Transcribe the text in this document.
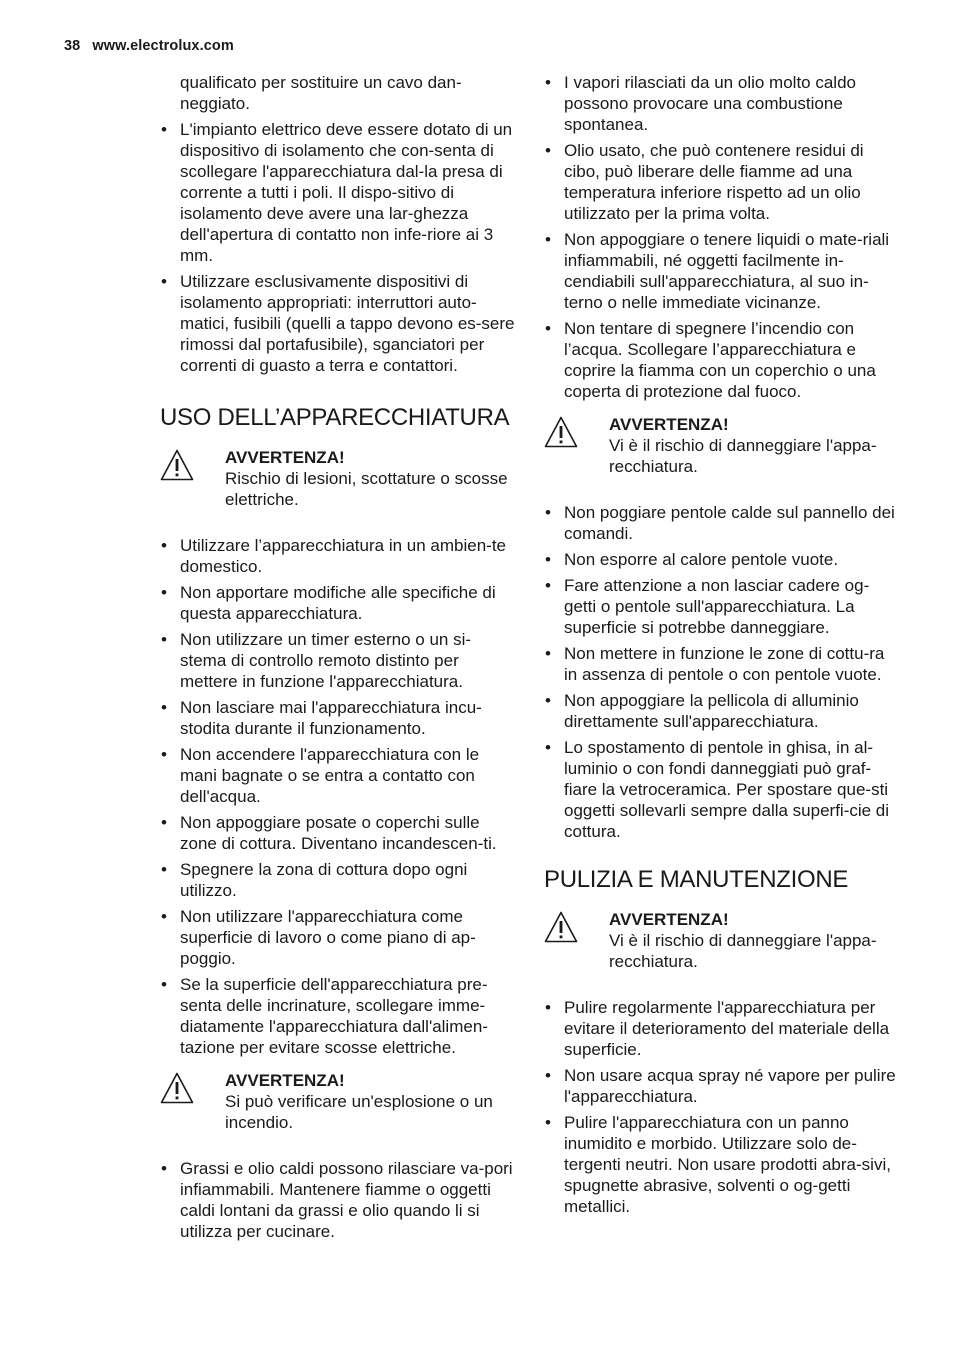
38 www.electrolux.com

qualificato per sostituire un cavo dan-neggiato.

• L'impianto elettrico deve essere dotato di un dispositivo di isolamento che con-senta di scollegare l'apparecchiatura dal-la presa di corrente a tutti i poli. Il dispo-sitivo di isolamento deve avere una lar-ghezza dell'apertura di contatto non infe-riore ai 3 mm.
• Utilizzare esclusivamente dispositivi di isolamento appropriati: interruttori auto-matici, fusibili (quelli a tappo devono es-sere rimossi dal portafusibile), sganciatori per correnti di guasto a terra e contattori.
USO DELL’APPARECCHIATURA
AVVERTENZA!
Rischio di lesioni, scottature o scosse elettriche.
• Utilizzare l’apparecchiatura in un ambien-te domestico.
• Non apportare modifiche alle specifiche di questa apparecchiatura.
• Non utilizzare un timer esterno o un si-stema di controllo remoto distinto per mettere in funzione l'apparecchiatura.
• Non lasciare mai l'apparecchiatura incu-stodita durante il funzionamento.
• Non accendere l'apparecchiatura con le mani bagnate o se entra a contatto con dell'acqua.
• Non appoggiare posate o coperchi sulle zone di cottura. Diventano incandescen-ti.
• Spegnere la zona di cottura dopo ogni utilizzo.
• Non utilizzare l'apparecchiatura come superficie di lavoro o come piano di ap-poggio.
• Se la superficie dell'apparecchiatura pre-senta delle incrinature, scollegare imme-diatamente l'apparecchiatura dall'alimen-tazione per evitare scosse elettriche.
AVVERTENZA!
Si può verificare un'esplosione o un incendio.
• Grassi e olio caldi possono rilasciare va-pori infiammabili. Mantenere fiamme o oggetti caldi lontani da grassi e olio quando li si utilizza per cucinare.
• I vapori rilasciati da un olio molto caldo possono provocare una combustione spontanea.
• Olio usato, che può contenere residui di cibo, può liberare delle fiamme ad una temperatura inferiore rispetto ad un olio utilizzato per la prima volta.
• Non appoggiare o tenere liquidi o mate-riali infiammabili, né oggetti facilmente in-cendiabili sull'apparecchiatura, al suo in-terno o nelle immediate vicinanze.
• Non tentare di spegnere l’incendio con l’acqua. Scollegare l’apparecchiatura e coprire la fiamma con un coperchio o una coperta di protezione dal fuoco.
AVVERTENZA!
Vi è il rischio di danneggiare l'appa-recchiatura.
• Non poggiare pentole calde sul pannello dei comandi.
• Non esporre al calore pentole vuote.
• Fare attenzione a non lasciar cadere og-getti o pentole sull'apparecchiatura. La superficie si potrebbe danneggiare.
• Non mettere in funzione le zone di cottu-ra in assenza di pentole o con pentole vuote.
• Non appoggiare la pellicola di alluminio direttamente sull'apparecchiatura.
• Lo spostamento di pentole in ghisa, in al-luminio o con fondi danneggiati può graf-fiare la vetroceramica. Per spostare que-sti oggetti sollevarli sempre dalla superfi-cie di cottura.
PULIZIA E MANUTENZIONE
AVVERTENZA!
Vi è il rischio di danneggiare l'appa-recchiatura.
• Pulire regolarmente l'apparecchiatura per evitare il deterioramento del materiale della superficie.
• Non usare acqua spray né vapore per pulire l'apparecchiatura.
• Pulire l'apparecchiatura con un panno inumidito e morbido. Utilizzare solo de-tergenti neutri. Non usare prodotti abra-sivi, spugnette abrasive, solventi o og-getti metallici.
